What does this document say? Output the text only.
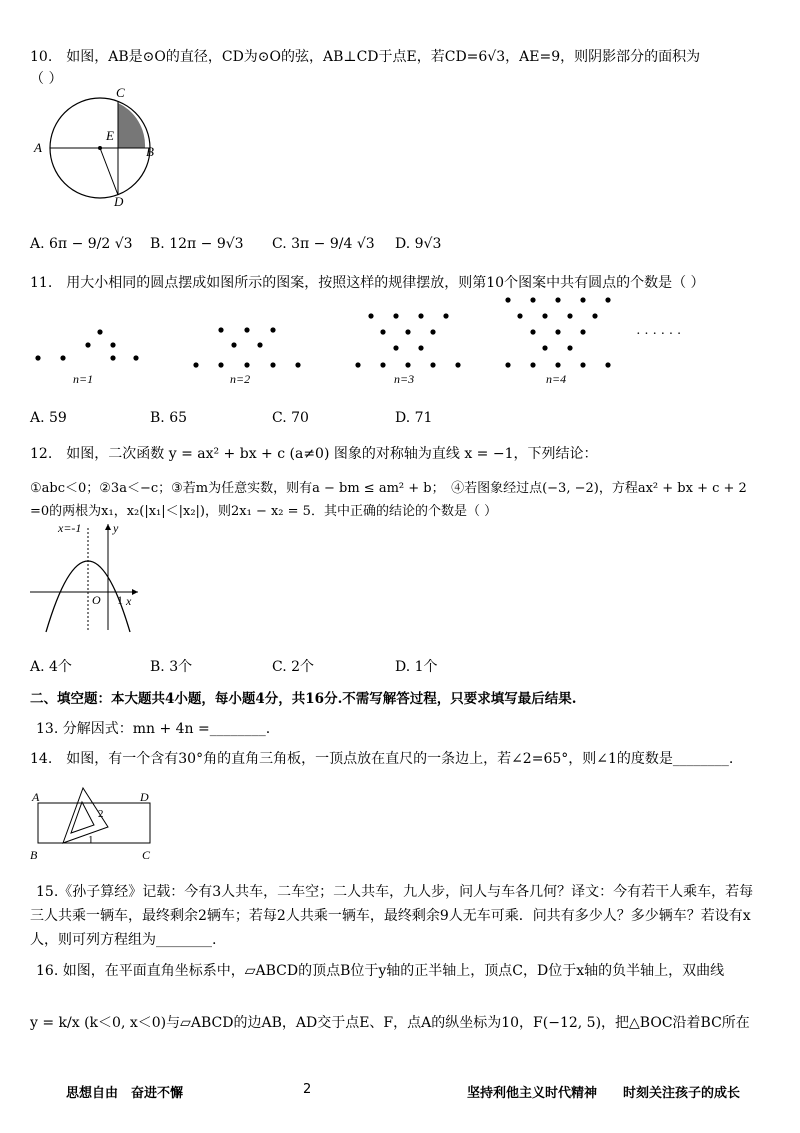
10.　如图，AB是⊙O的直径，CD为⊙O的弦，AB⊥CD于点E，若CD=6√3，AE=9，则阴影部分的面积为
（ ）
A	B
C
D
E
A. 6π − 9/2 √3 B. 12π − 9√3 C. 3π − 9/4 √3 D. 9√3
11.　用大小相同的圆点摆成如图所示的图案，按照这样的规律摆放，则第10个图案中共有圆点的个数是（ ）
n=1	n=2	n=3	n=4
· · · · · ·
A. 59	B. 65	C. 70	D. 71
12.　如图，二次函数 y = ax² + bx + c (a≠0) 图象的对称轴为直线 x = −1，下列结论：
①abc＜0；②3a＜−c；③若m为任意实数，则有a − bm ≤ am² + b；　④若图象经过点(−3, −2)，方程ax² + bx + c + 2
=0的两根为x₁，x₂(|x₁|＜|x₂|)，则2x₁ − x₂ = 5．其中正确的结论的个数是（ ）
x=-1	y
x
O 1
A. 4个	B. 3个	C. 2个	D. 1个
二、填空题：本大题共4小题，每小题4分，共16分.不需写解答过程，只要求填写最后结果.
13. 分解因式：mn + 4n =________.
14.　如图，有一个含有30°角的直角三角板，一顶点放在直尺的一条边上，若∠2=65°，则∠1的度数是________.
A	D
B	C
2
1
15.《孙子算经》记载：今有3人共车，二车空；二人共车，九人步，问人与车各几何？译文：今有若干人乘车，若每
三人共乘一辆车，最终剩余2辆车；若每2人共乘一辆车，最终剩余9人无车可乘．问共有多少人？多少辆车？若设有x
人，则可列方程组为________.
16. 如图，在平面直角坐标系中，▱ABCD的顶点B位于y轴的正半轴上，顶点C，D位于x轴的负半轴上，双曲线
y = k/x (k＜0, x＜0)与▱ABCD的边AB，AD交于点E、F，点A的纵坐标为10，F(−12, 5)，把△BOC沿着BC所在
思想自由　奋进不懈	2	坚持利他主义时代精神　　时刻关注孩子的成长
